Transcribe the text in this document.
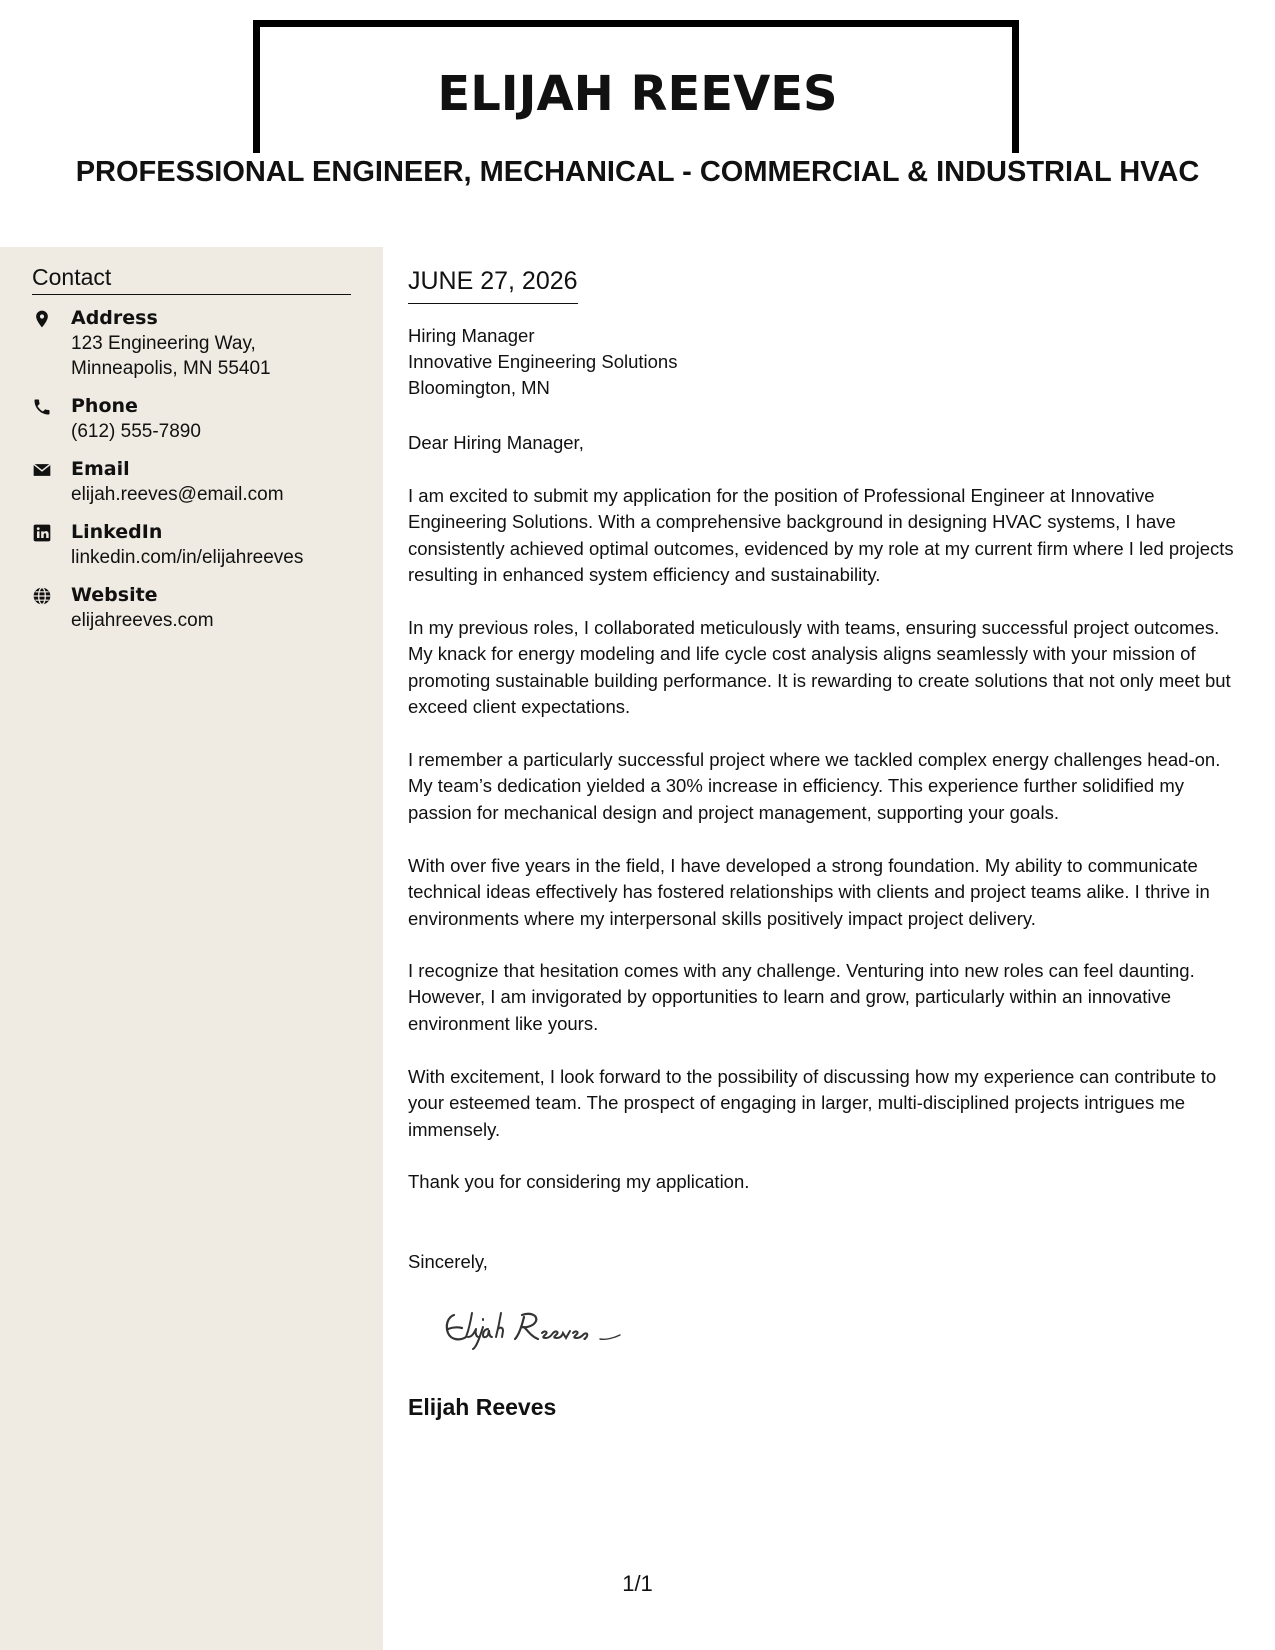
ELIJAH REEVES
PROFESSIONAL ENGINEER, MECHANICAL - COMMERCIAL & INDUSTRIAL HVAC
Contact
Address
123 Engineering Way,
Minneapolis, MN 55401
Phone
(612) 555-7890
Email
elijah.reeves@email.com
LinkedIn
linkedin.com/in/elijahreeves
Website
elijahreeves.com
JUNE 27, 2026
Hiring Manager
Innovative Engineering Solutions
Bloomington, MN

Dear Hiring Manager,

I am excited to submit my application for the position of Professional Engineer at Innovative Engineering Solutions. With a comprehensive background in designing HVAC systems, I have consistently achieved optimal outcomes, evidenced by my role at my current firm where I led projects resulting in enhanced system efficiency and sustainability.

In my previous roles, I collaborated meticulously with teams, ensuring successful project outcomes. My knack for energy modeling and life cycle cost analysis aligns seamlessly with your mission of promoting sustainable building performance. It is rewarding to create solutions that not only meet but exceed client expectations.

I remember a particularly successful project where we tackled complex energy challenges head-on. My team’s dedication yielded a 30% increase in efficiency. This experience further solidified my passion for mechanical design and project management, supporting your goals.

With over five years in the field, I have developed a strong foundation. My ability to communicate technical ideas effectively has fostered relationships with clients and project teams alike. I thrive in environments where my interpersonal skills positively impact project delivery.

I recognize that hesitation comes with any challenge. Venturing into new roles can feel daunting. However, I am invigorated by opportunities to learn and grow, particularly within an innovative environment like yours.

With excitement, I look forward to the possibility of discussing how my experience can contribute to your esteemed team. The prospect of engaging in larger, multi-disciplined projects intrigues me immensely.

Thank you for considering my application.

Sincerely,

Elijah Reeves
1/1
